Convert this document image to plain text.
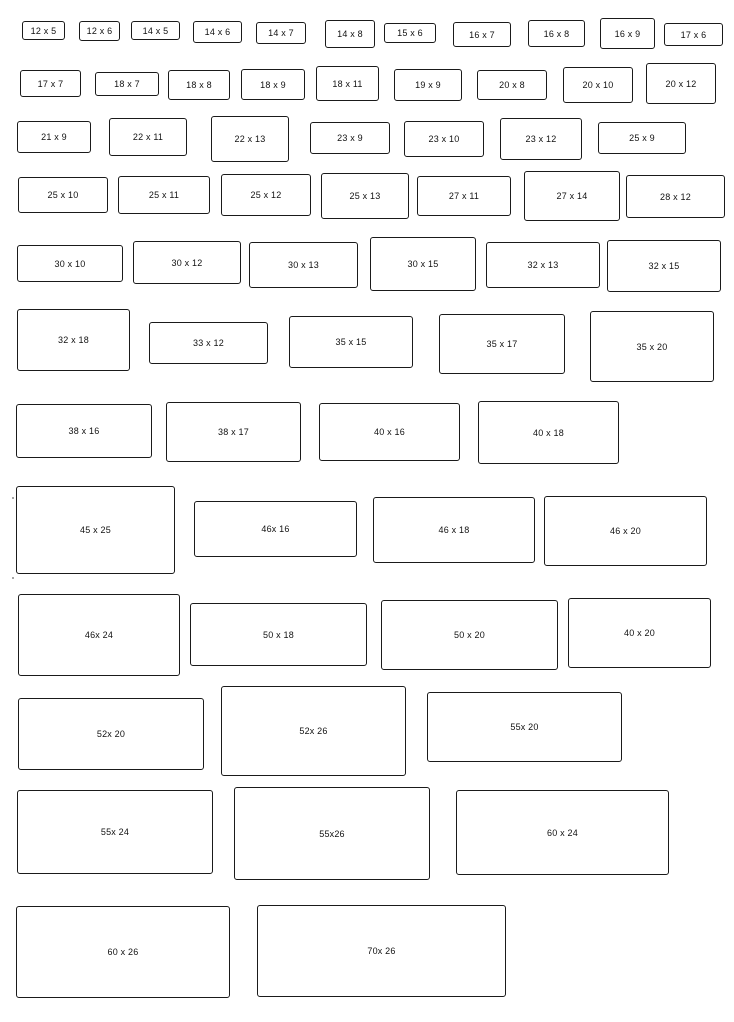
12 x 5	12 x 6	14 x 5	14 x 6	14 x 7	14 x 8	15 x 6	16 x 7	16 x 8	16 x 9	17 x 6
17 x 7	18 x 7	18 x 8	18 x 9	18 x 11	19 x 9	20 x 8	20 x 10	20 x 12
21 x 9	22 x 11	22 x 13	23 x 9	23 x 10	23 x 12	25 x 9
25 x 10	25 x 11	25 x 12	25 x 13	27 x 11	27 x 14	28 x 12
30 x 10	30 x 12	30 x 13	30 x 15	32 x 13	32 x 15
32 x 18	33 x 12	35 x 15	35 x 17	35 x 20
38 x 16	38 x 17	40 x 16	40 x 18
45 x 25	46x 16	46 x 18	46 x 20
46x 24	50 x 18	50 x 20	40 x 20
52x 20	52x 26	55x 20
55x 24	55x26	60 x 24
60 x 26	70x 26
